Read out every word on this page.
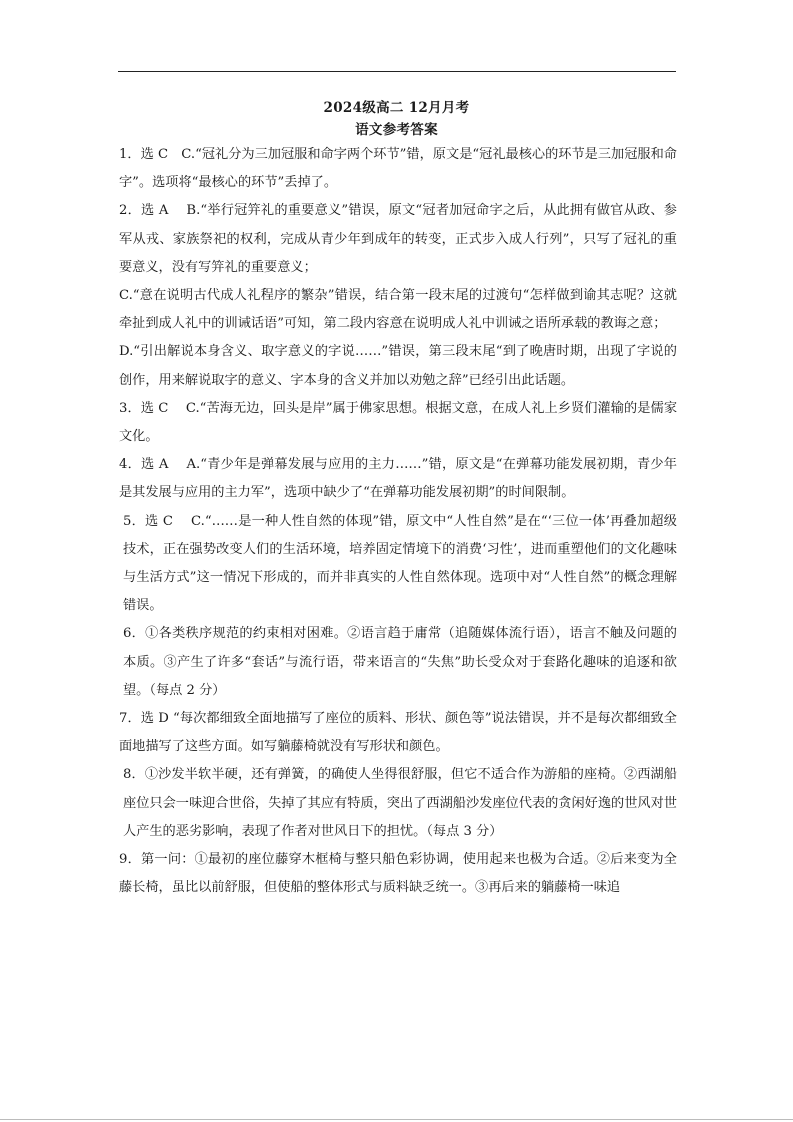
2024级高二 12月月考
语文参考答案

1．选 C　C.“冠礼分为三加冠服和命字两个环节”错，原文是“冠礼最核心的环节是三加冠服和命字”。选项将“最核心的环节”丢掉了。

2．选 A　 B.“举行冠笄礼的重要意义”错误，原文“冠者加冠命字之后，从此拥有做官从政、参军从戎、家族祭祀的权利，完成从青少年到成年的转变，正式步入成人行列”，只写了冠礼的重要意义，没有写笄礼的重要意义；

C.“意在说明古代成人礼程序的繁杂”错误，结合第一段末尾的过渡句“怎样做到谕其志呢？这就牵扯到成人礼中的训诫话语”可知，第二段内容意在说明成人礼中训诫之语所承载的教诲之意；

D.“引出解说本身含义、取字意义的字说……”错误，第三段末尾“到了晚唐时期，出现了字说的创作，用来解说取字的意义、字本身的含义并加以劝勉之辞”已经引出此话题。

3．选 C　 C.“苦海无边，回头是岸”属于佛家思想。根据文意，在成人礼上乡贤们灌输的是儒家文化。

4．选 A　 A.“青少年是弹幕发展与应用的主力……”错，原文是“在弹幕功能发展初期，青少年是其发展与应用的主力军”，选项中缺少了“在弹幕功能发展初期”的时间限制。

5．选 C　 C.“……是一种人性自然的体现”错，原文中“人性自然”是在“‘三位一体’再叠加超级技术，正在强势改变人们的生活环境，培养固定情境下的消费‘习性’，进而重塑他们的文化趣味与生活方式”这一情况下形成的，而并非真实的人性自然体现。选项中对“人性自然”的概念理解错误。

6．①各类秩序规范的约束相对困难。②语言趋于庸常（追随媒体流行语），语言不触及问题的本质。③产生了许多“套话”与流行语，带来语言的“失焦”助长受众对于套路化趣味的追逐和欲望。（每点 2 分）

7．选 D “每次都细致全面地描写了座位的质料、形状、颜色等”说法错误，并不是每次都细致全面地描写了这些方面。如写躺藤椅就没有写形状和颜色。

8．①沙发半软半硬，还有弹簧，的确使人坐得很舒服，但它不适合作为游船的座椅。②西湖船座位只会一味迎合世俗，失掉了其应有特质，突出了西湖船沙发座位代表的贪闲好逸的世风对世人产生的恶劣影响，表现了作者对世风日下的担忧。（每点 3 分）

9．第一问：①最初的座位藤穿木框椅与整只船色彩协调，使用起来也极为合适。②后来变为全藤长椅，虽比以前舒服，但使船的整体形式与质料缺乏统一。③再后来的躺藤椅一味追
